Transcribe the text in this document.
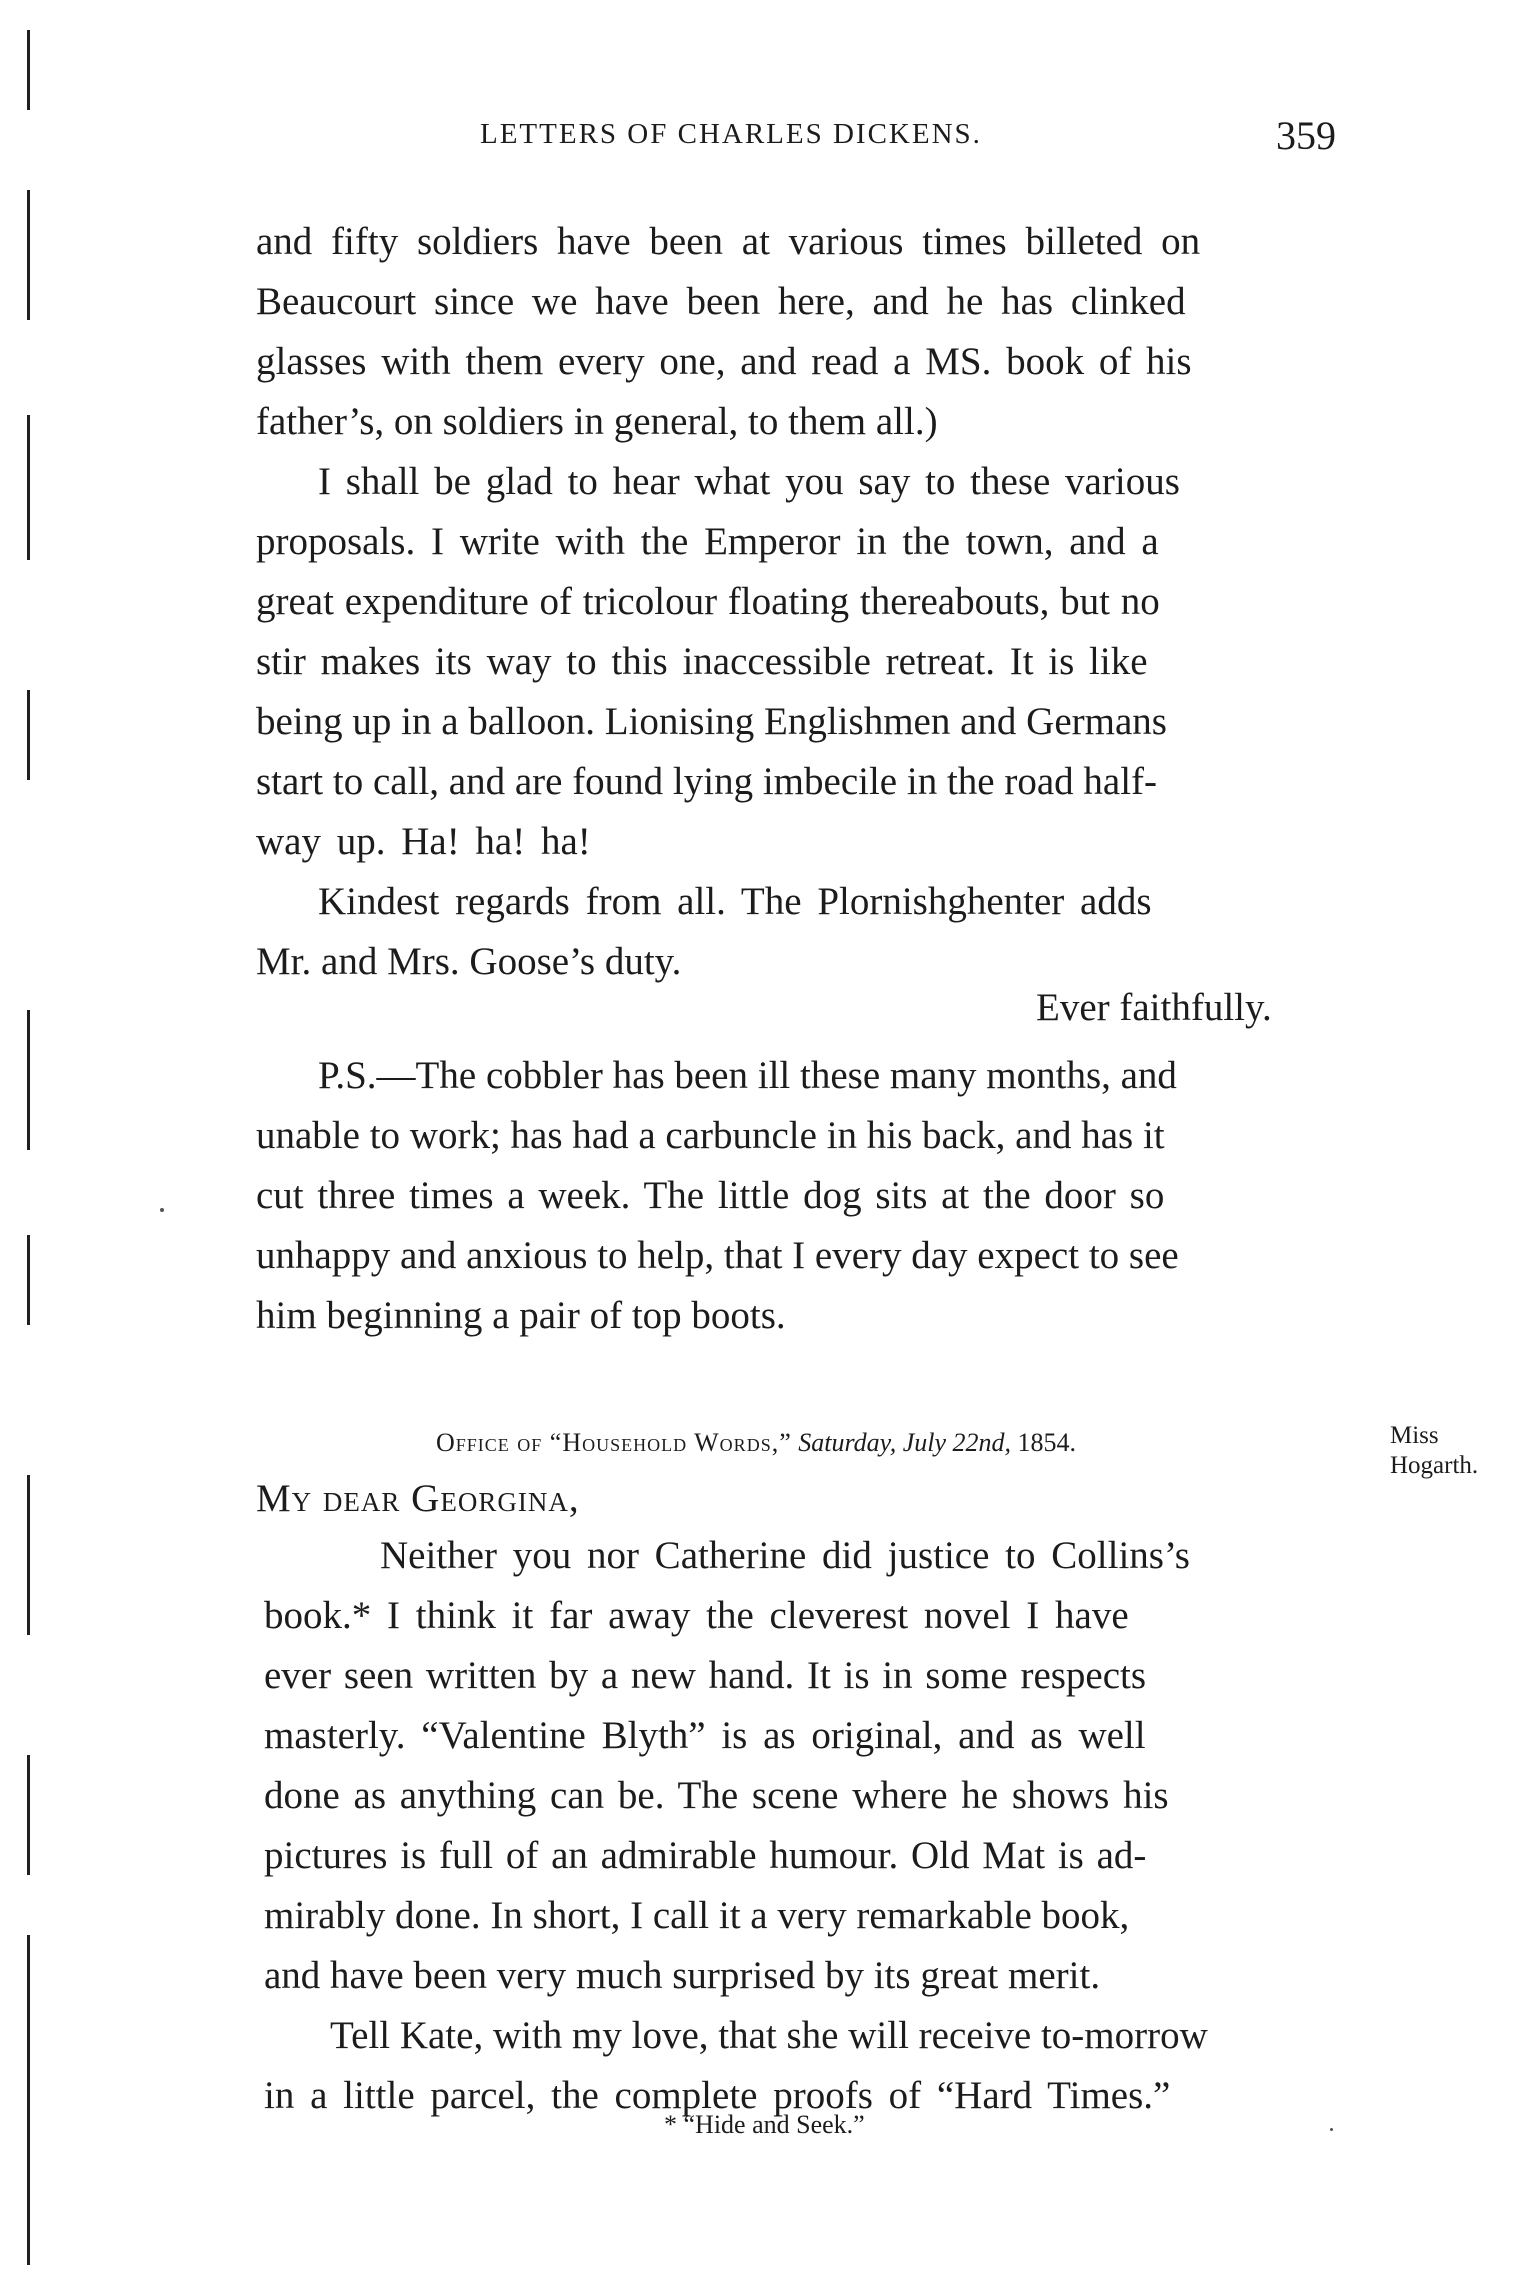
LETTERS OF CHARLES DICKENS.	359
and fifty soldiers have been at various times billeted on
Beaucourt since we have been here, and he has clinked
glasses with them every one, and read a MS. book of his
father’s, on soldiers in general, to them all.)
I shall be glad to hear what you say to these various
proposals. I write with the Emperor in the town, and a
great expenditure of tricolour floating thereabouts, but no
stir makes its way to this inaccessible retreat. It is like
being up in a balloon. Lionising Englishmen and Germans
start to call, and are found lying imbecile in the road half-
way up. Ha! ha! ha!
Kindest regards from all. The Plornishghenter adds
Mr. and Mrs. Goose’s duty.
Ever faithfully.
P.S.—The cobbler has been ill these many months, and
unable to work; has had a carbuncle in his back, and has it
cut three times a week. The little dog sits at the door so
unhappy and anxious to help, that I every day expect to see
him beginning a pair of top boots.
Office of “Household Words,” Saturday, July 22nd, 1854.	Miss
Hogarth.
My dear Georgina,
Neither you nor Catherine did justice to Collins’s
book.* I think it far away the cleverest novel I have
ever seen written by a new hand. It is in some respects
masterly. “Valentine Blyth” is as original, and as well
done as anything can be. The scene where he shows his
pictures is full of an admirable humour. Old Mat is ad-
mirably done. In short, I call it a very remarkable book,
and have been very much surprised by its great merit.
Tell Kate, with my love, that she will receive to-morrow
in a little parcel, the complete proofs of “Hard Times.”
* “Hide and Seek.”
